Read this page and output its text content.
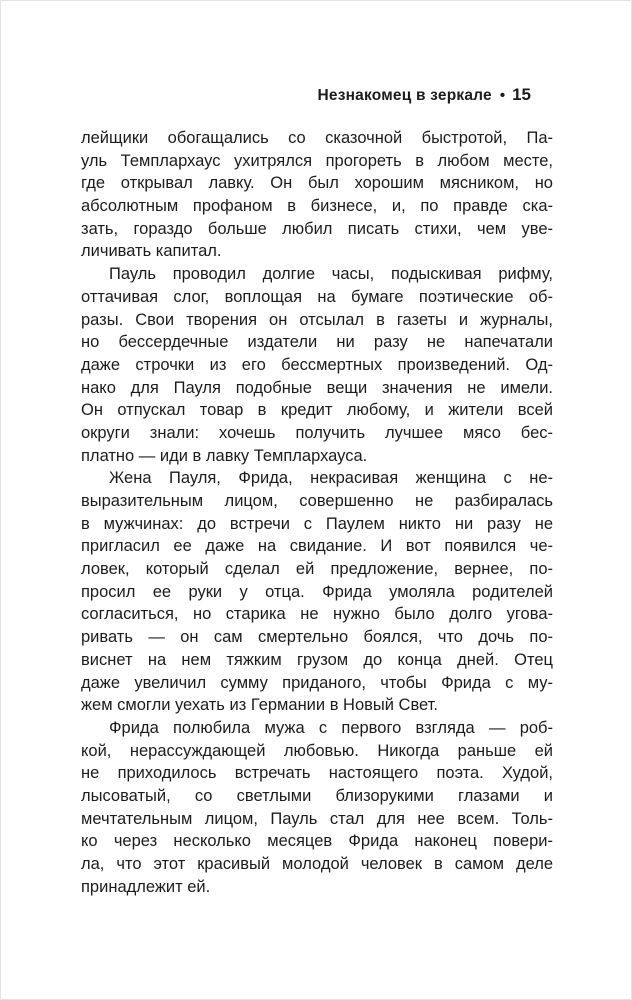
Незнакомец в зеркале • 15
лейщики обогащались со сказочной быстротой, Па-
уль Темплархаус ухитрялся прогореть в любом месте,
где открывал лавку. Он был хорошим мясником, но
абсолютным профаном в бизнесе, и, по правде ска-
зать, гораздо больше любил писать стихи, чем уве-
личивать капитал.
Пауль проводил долгие часы, подыскивая рифму,
оттачивая слог, воплощая на бумаге поэтические об-
разы. Свои творения он отсылал в газеты и журналы,
но бессердечные издатели ни разу не напечатали
даже строчки из его бессмертных произведений. Од-
нако для Пауля подобные вещи значения не имели.
Он отпускал товар в кредит любому, и жители всей
округи знали: хочешь получить лучшее мясо бес-
платно — иди в лавку Темплархауса.
Жена Пауля, Фрида, некрасивая женщина с не-
выразительным лицом, совершенно не разбиралась
в мужчинах: до встречи с Паулем никто ни разу не
пригласил ее даже на свидание. И вот появился че-
ловек, который сделал ей предложение, вернее, по-
просил ее руки у отца. Фрида умоляла родителей
согласиться, но старика не нужно было долго угова-
ривать — он сам смертельно боялся, что дочь по-
виснет на нем тяжким грузом до конца дней. Отец
даже увеличил сумму приданого, чтобы Фрида с му-
жем смогли уехать из Германии в Новый Свет.
Фрида полюбила мужа с первого взгляда — роб-
кой, нерассуждающей любовью. Никогда раньше ей
не приходилось встречать настоящего поэта. Худой,
лысоватый, со светлыми близорукими глазами и
мечтательным лицом, Пауль стал для нее всем. Толь-
ко через несколько месяцев Фрида наконец повери-
ла, что этот красивый молодой человек в самом деле
принадлежит ей.
